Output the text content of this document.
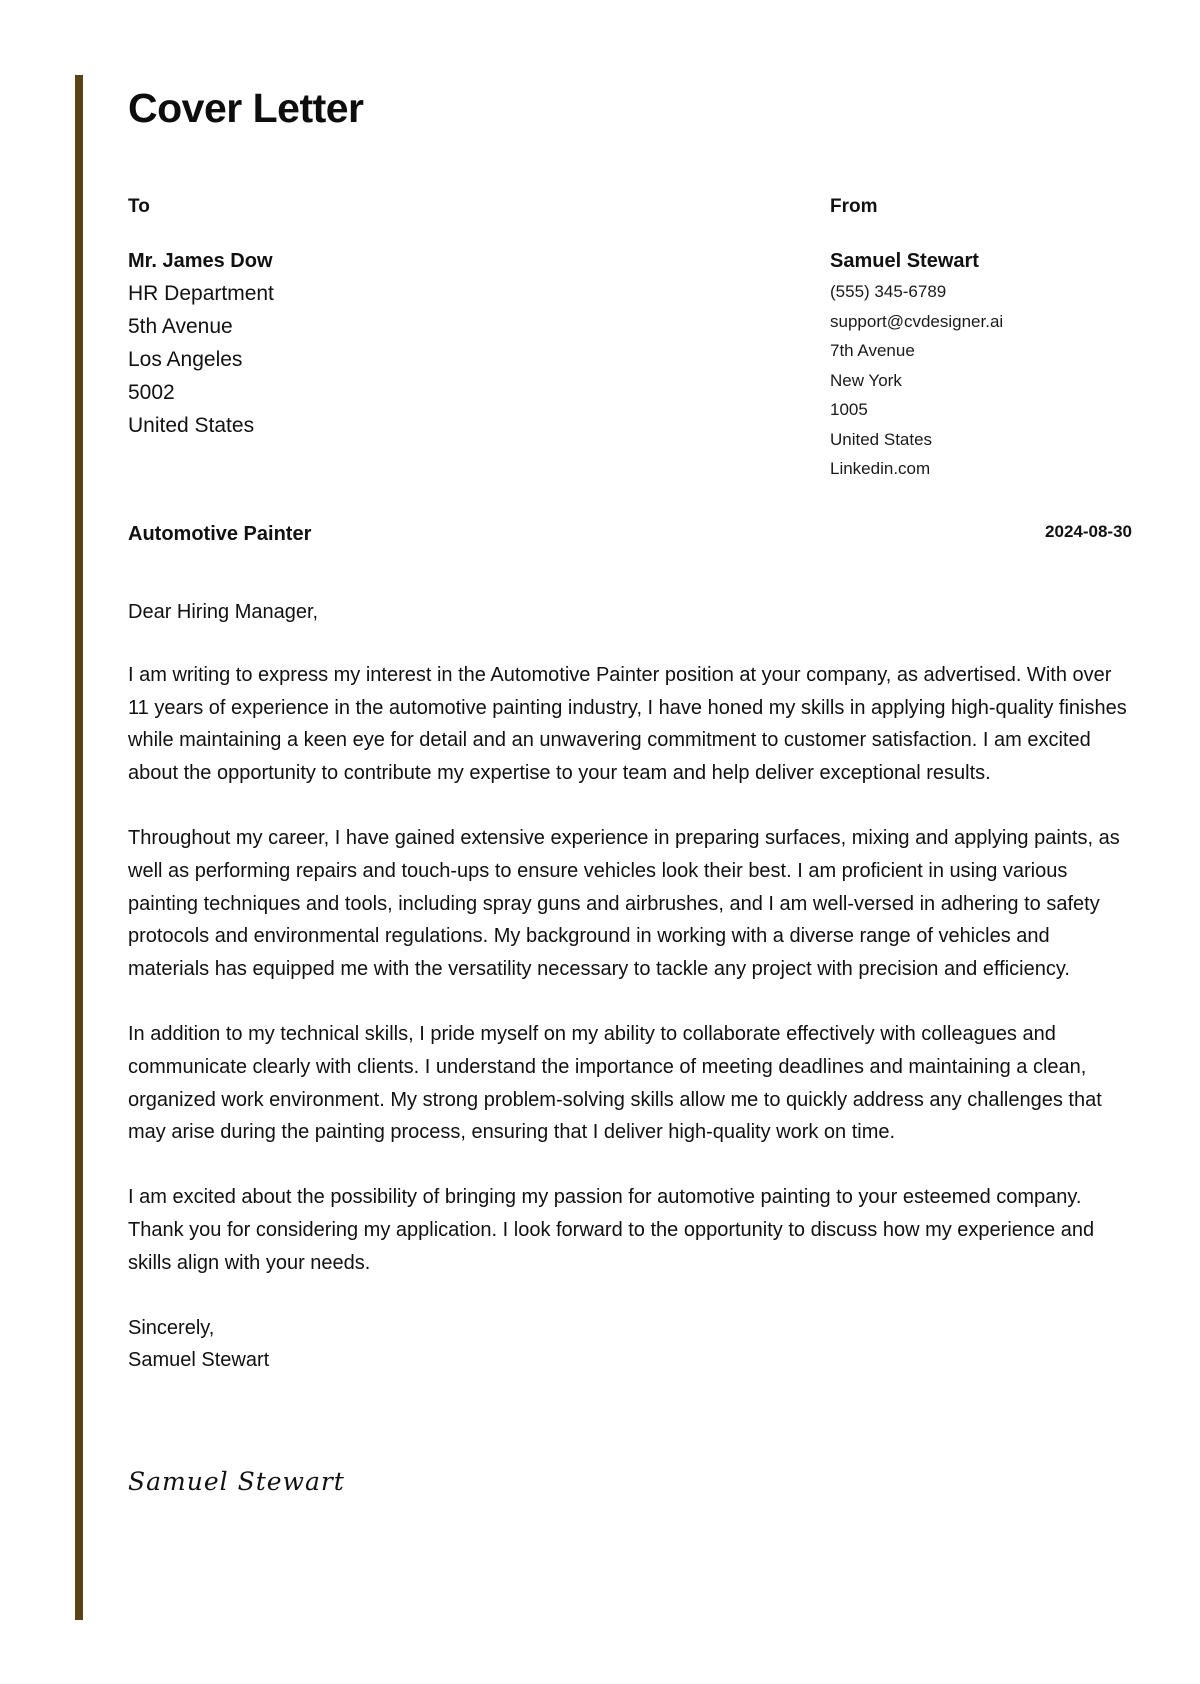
Cover Letter
To
Mr. James Dow
HR Department
5th Avenue
Los Angeles
5002
United States
From
Samuel Stewart
(555) 345-6789
support@cvdesigner.ai
7th Avenue
New York
1005
United States
Linkedin.com
Automotive Painter	2024-08-30

Dear Hiring Manager,

I am writing to express my interest in the Automotive Painter position at your company, as advertised. With over 11 years of experience in the automotive painting industry, I have honed my skills in applying high-quality finishes while maintaining a keen eye for detail and an unwavering commitment to customer satisfaction. I am excited about the opportunity to contribute my expertise to your team and help deliver exceptional results.

Throughout my career, I have gained extensive experience in preparing surfaces, mixing and applying paints, as well as performing repairs and touch-ups to ensure vehicles look their best. I am proficient in using various painting techniques and tools, including spray guns and airbrushes, and I am well-versed in adhering to safety protocols and environmental regulations. My background in working with a diverse range of vehicles and materials has equipped me with the versatility necessary to tackle any project with precision and efficiency.

In addition to my technical skills, I pride myself on my ability to collaborate effectively with colleagues and communicate clearly with clients. I understand the importance of meeting deadlines and maintaining a clean, organized work environment. My strong problem-solving skills allow me to quickly address any challenges that may arise during the painting process, ensuring that I deliver high-quality work on time.

I am excited about the possibility of bringing my passion for automotive painting to your esteemed company. Thank you for considering my application. I look forward to the opportunity to discuss how my experience and skills align with your needs.

Sincerely,

Samuel Stewart

Samuel Stewart
